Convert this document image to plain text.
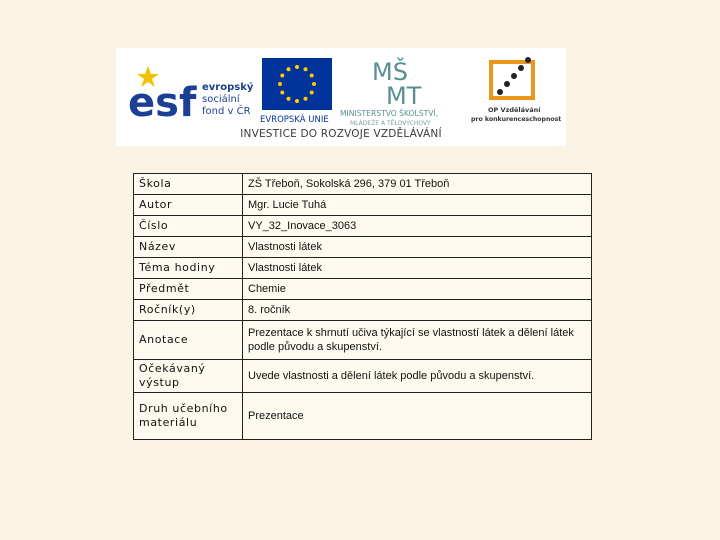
esf evropský
sociální
fond v ČR
EVROPSKÁ UNIE
MŠ
MT
MINISTERSTVO ŠKOLSTVÍ,
MLÁDEŽE A TĚLOVÝCHOVY
OP Vzdělávání
pro konkurenceschopnost
INVESTICE DO ROZVOJE VZDĚLÁVÁNÍ
Škola	ZŠ Třeboň, Sokolská 296, 379 01 Třeboň
Autor	Mgr. Lucie Tuhá
Číslo	VY_32_Inovace_3063
Název	Vlastnosti látek
Téma hodiny	Vlastnosti látek
Předmět	Chemie
Ročník(y)	8. ročník
Anotace	Prezentace k shrnutí učiva týkající se vlastností látek a dělení látek podle původu a skupenství.
Očekávaný výstup	Uvede vlastnosti a dělení látek podle původu a skupenství.
Druh učebního materiálu	Prezentace
